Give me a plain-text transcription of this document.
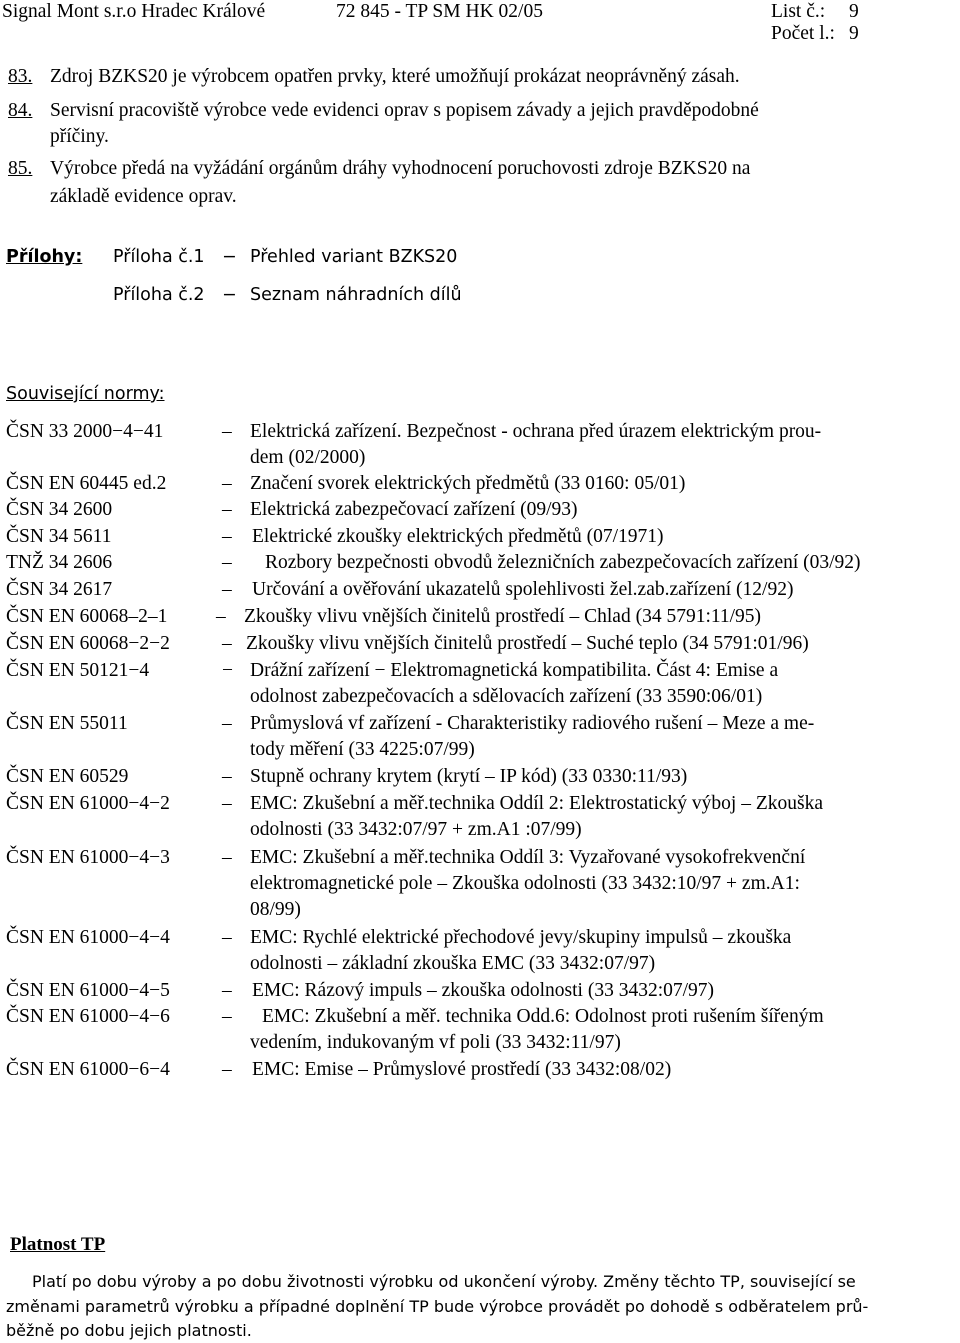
Signal Mont s.r.o Hradec Králové	72 845 - TP SM HK 02/05	List č.: 9
Počet l.: 9
83. Zdroj BZKS20 je výrobcem opatřen prvky, které umožňují prokázat neoprávněný zásah.
84. Servisní pracoviště výrobce vede evidenci oprav s popisem závady a jejich pravděpodobné
příčiny.
85. Výrobce předá na vyžádání orgánům dráhy vyhodnocení poruchovosti zdroje BZKS20 na
základě evidence oprav.
Přílohy: Příloha č.1 − Přehled variant BZKS20
Příloha č.2 − Seznam náhradních dílů
Související normy:
ČSN 33 2000−4−41	– Elektrická zařízení. Bezpečnost - ochrana před úrazem elektrickým prou-
dem (02/2000)
ČSN EN 60445 ed.2	– Značení svorek elektrických předmětů (33 0160: 05/01)
ČSN 34 2600	– Elektrická zabezpečovací zařízení (09/93)
ČSN 34 5611	– Elektrické zkoušky elektrických předmětů (07/1971)
TNŽ 34 2606	– Rozbory bezpečnosti obvodů železničních zabezpečovacích zařízení (03/92)
ČSN 34 2617	– Určování a ověřování ukazatelů spolehlivosti žel.zab.zařízení (12/92)
ČSN EN 60068–2–1 – Zkoušky vlivu vnějších činitelů prostředí – Chlad (34 5791:11/95)
ČSN EN 60068−2−2	– Zkoušky vlivu vnějších činitelů prostředí – Suché teplo (34 5791:01/96)
ČSN EN 50121−4	− Drážní zařízení − Elektromagnetická kompatibilita. Část 4: Emise a
odolnost zabezpečovacích a sdělovacích zařízení (33 3590:06/01)
ČSN EN 55011	– Průmyslová vf zařízení - Charakteristiky radiového rušení – Meze a me-
tody měření (33 4225:07/99)
ČSN EN 60529	– Stupně ochrany krytem (krytí – IP kód) (33 0330:11/93)
ČSN EN 61000−4−2	– EMC: Zkušební a měř.technika Oddíl 2: Elektrostatický výboj – Zkouška
odolnosti (33 3432:07/97 + zm.A1 :07/99)
ČSN EN 61000−4−3	– EMC: Zkušební a měř.technika Oddíl 3: Vyzařované vysokofrekvenční
elektromagnetické pole – Zkouška odolnosti (33 3432:10/97 + zm.A1:
08/99)
ČSN EN 61000−4−4	– EMC: Rychlé elektrické přechodové jevy/skupiny impulsů – zkouška
odolnosti – základní zkouška EMC (33 3432:07/97)
ČSN EN 61000−4−5	– EMC: Rázový impuls – zkouška odolnosti (33 3432:07/97)
ČSN EN 61000−4−6	– EMC: Zkušební a měř. technika Odd.6: Odolnost proti rušením šířeným
vedením, indukovaným vf poli (33 3432:11/97)
ČSN EN 61000−6−4	– EMC: Emise – Průmyslové prostředí (33 3432:08/02)
Platnost TP
Platí po dobu výroby a po dobu životnosti výrobku od ukončení výroby. Změny těchto TP, související se
změnami parametrů výrobku a případné doplnění TP bude výrobce provádět po dohodě s odběratelem prů-
běžně po dobu jejich platnosti.
